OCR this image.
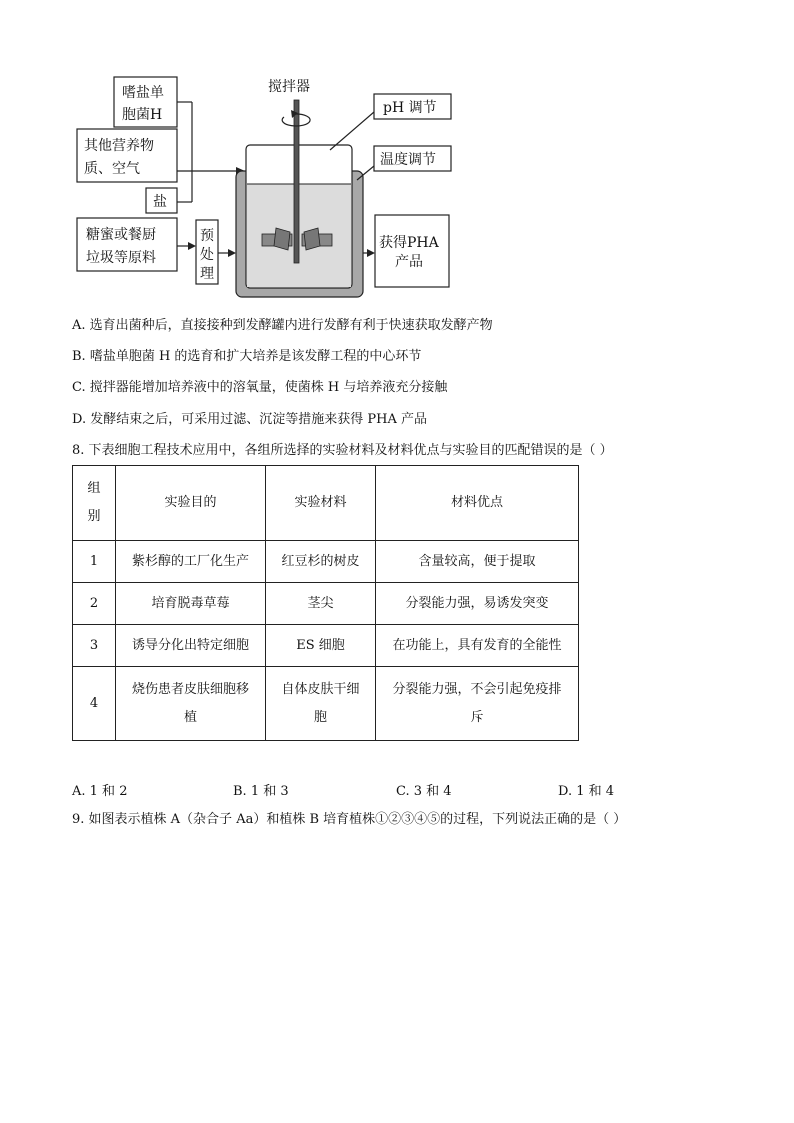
嗜盐单
胞菌H
其他营养物
质、空气
盐
糖蜜或餐厨
垃圾等原料
预
处
理
搅拌器
pH 调节
温度调节
获得PHA
产品
A. 选育出菌种后，直接接种到发酵罐内进行发酵有利于快速获取发酵产物
B. 嗜盐单胞菌 H 的选育和扩大培养是该发酵工程的中心环节
C. 搅拌器能增加培养液中的溶氧量，使菌株 H 与培养液充分接触
D. 发酵结束之后，可采用过滤、沉淀等措施来获得 PHA 产品
8. 下表细胞工程技术应用中，各组所选择的实验材料及材料优点与实验目的匹配错误的是（ ）
组别	实验目的	实验材料	材料优点
1	紫杉醇的工厂化生产	红豆杉的树皮	含量较高，便于提取
2	培育脱毒草莓	茎尖	分裂能力强，易诱发突变
3	诱导分化出特定细胞	ES 细胞	在功能上，具有发育的全能性
4	烧伤患者皮肤细胞移植	自体皮肤干细胞	分裂能力强，不会引起免疫排斥
A. 1 和 2	B. 1 和 3	C. 3 和 4	D. 1 和 4
9. 如图表示植株 A（杂合子 Aa）和植株 B 培育植株①②③④⑤的过程，下列说法正确的是（ ）
